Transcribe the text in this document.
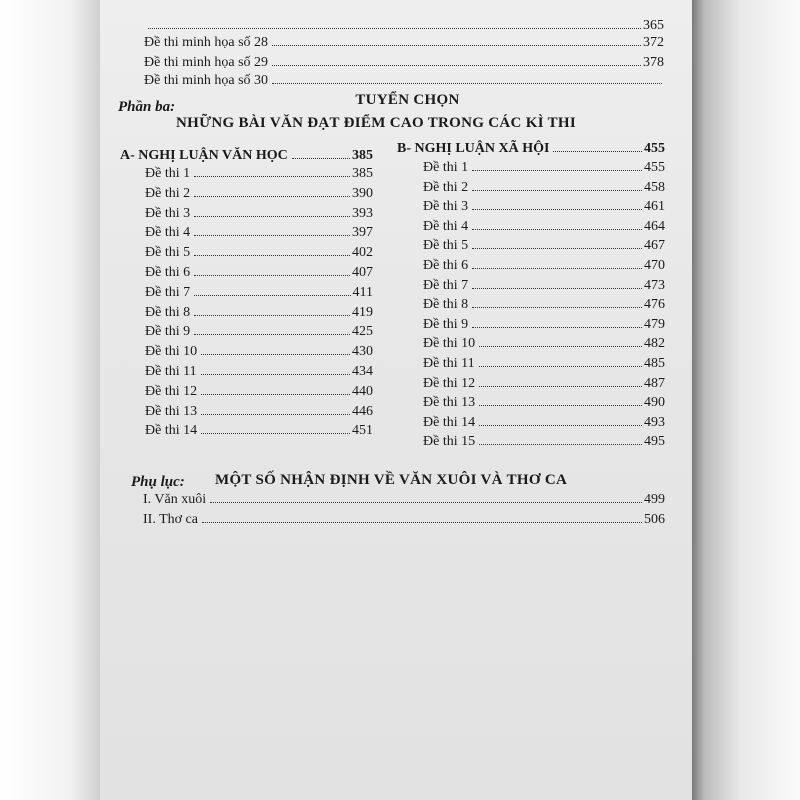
365
Đề thi minh họa số 28	372
Đề thi minh họa số 29	378
Đề thi minh họa số 30
Phần ba:	TUYỂN CHỌN
NHỮNG BÀI VĂN ĐẠT ĐIỂM CAO TRONG CÁC KÌ THI
A- NGHỊ LUẬN VĂN HỌC	385
Đề thi 1	385
Đề thi 2	390
Đề thi 3	393
Đề thi 4	397
Đề thi 5	402
Đề thi 6	407
Đề thi 7	411
Đề thi 8	419
Đề thi 9	425
Đề thi 10	430
Đề thi 11	434
Đề thi 12	440
Đề thi 13	446
Đề thi 14	451
B- NGHỊ LUẬN XÃ HỘI	455
Đề thi 1	455
Đề thi 2	458
Đề thi 3	461
Đề thi 4	464
Đề thi 5	467
Đề thi 6	470
Đề thi 7	473
Đề thi 8	476
Đề thi 9	479
Đề thi 10	482
Đề thi 11	485
Đề thi 12	487
Đề thi 13	490
Đề thi 14	493
Đề thi 15	495
Phụ lục: MỘT SỐ NHẬN ĐỊNH VỀ VĂN XUÔI VÀ THƠ CA
I. Văn xuôi	499
II. Thơ ca	506
